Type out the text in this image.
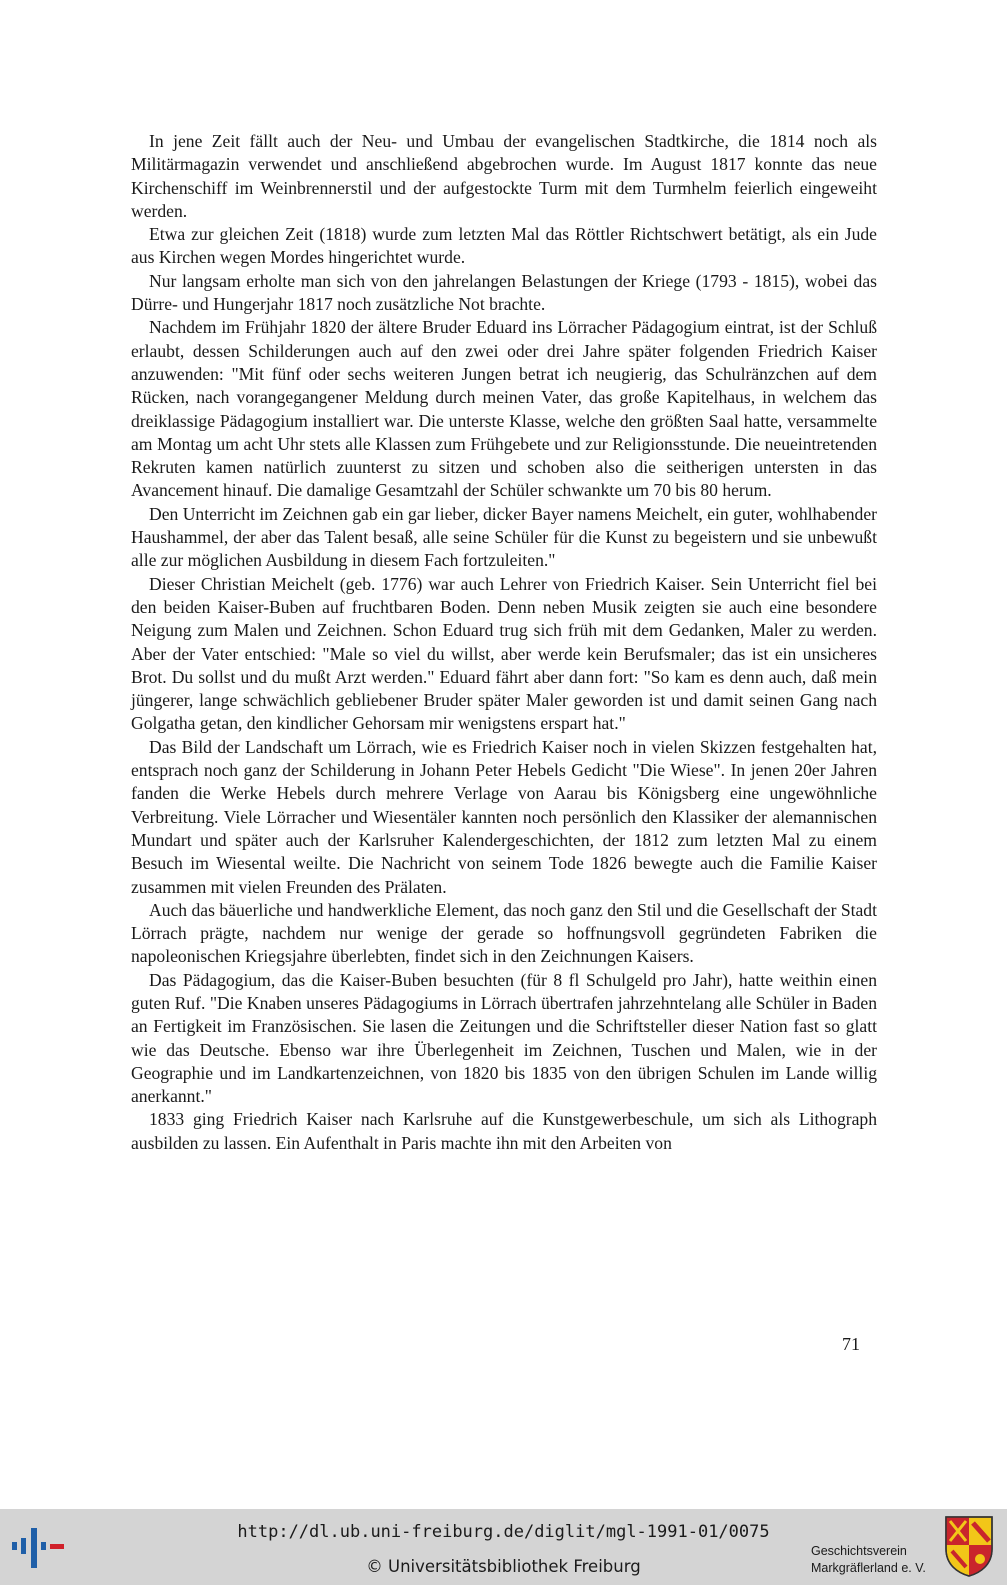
In jene Zeit fällt auch der Neu- und Umbau der evangelischen Stadtkirche, die 1814 noch als Militärmagazin verwendet und anschließend abgebrochen wurde. Im August 1817 konnte das neue Kirchenschiff im Weinbrennerstil und der aufgestockte Turm mit dem Turmhelm feierlich eingeweiht werden.

Etwa zur gleichen Zeit (1818) wurde zum letzten Mal das Röttler Richtschwert betätigt, als ein Jude aus Kirchen wegen Mordes hingerichtet wurde.

Nur langsam erholte man sich von den jahrelangen Belastungen der Kriege (1793 - 1815), wobei das Dürre- und Hungerjahr 1817 noch zusätzliche Not brachte.

Nachdem im Frühjahr 1820 der ältere Bruder Eduard ins Lörracher Pädagogium eintrat, ist der Schluß erlaubt, dessen Schilderungen auch auf den zwei oder drei Jahre später folgenden Friedrich Kaiser anzuwenden: "Mit fünf oder sechs weiteren Jungen betrat ich neugierig, das Schulränzchen auf dem Rücken, nach vorangegangener Meldung durch meinen Vater, das große Kapitelhaus, in welchem das dreiklassige Pädagogium installiert war. Die unterste Klasse, welche den größten Saal hatte, versammelte am Montag um acht Uhr stets alle Klassen zum Frühgebete und zur Religionsstunde. Die neueintretenden Rekruten kamen natürlich zuunterst zu sitzen und schoben also die seitherigen untersten in das Avancement hinauf. Die damalige Gesamtzahl der Schüler schwankte um 70 bis 80 herum.

Den Unterricht im Zeichnen gab ein gar lieber, dicker Bayer namens Meichelt, ein guter, wohlhabender Haushammel, der aber das Talent besaß, alle seine Schüler für die Kunst zu begeistern und sie unbewußt alle zur möglichen Ausbildung in diesem Fach fortzuleiten."

Dieser Christian Meichelt (geb. 1776) war auch Lehrer von Friedrich Kaiser. Sein Unterricht fiel bei den beiden Kaiser-Buben auf fruchtbaren Boden. Denn neben Musik zeigten sie auch eine besondere Neigung zum Malen und Zeichnen. Schon Eduard trug sich früh mit dem Gedanken, Maler zu werden. Aber der Vater entschied: "Male so viel du willst, aber werde kein Berufsmaler; das ist ein unsicheres Brot. Du sollst und du mußt Arzt werden." Eduard fährt aber dann fort: "So kam es denn auch, daß mein jüngerer, lange schwächlich gebliebener Bruder später Maler geworden ist und damit seinen Gang nach Golgatha getan, den kindlicher Gehorsam mir wenigstens erspart hat."

Das Bild der Landschaft um Lörrach, wie es Friedrich Kaiser noch in vielen Skizzen festgehalten hat, entsprach noch ganz der Schilderung in Johann Peter Hebels Gedicht "Die Wiese". In jenen 20er Jahren fanden die Werke Hebels durch mehrere Verlage von Aarau bis Königsberg eine ungewöhnliche Verbreitung. Viele Lörracher und Wiesentäler kannten noch persönlich den Klassiker der alemannischen Mundart und später auch der Karlsruher Kalendergeschichten, der 1812 zum letzten Mal zu einem Besuch im Wiesental weilte. Die Nachricht von seinem Tode 1826 bewegte auch die Familie Kaiser zusammen mit vielen Freunden des Prälaten.

Auch das bäuerliche und handwerkliche Element, das noch ganz den Stil und die Gesellschaft der Stadt Lörrach prägte, nachdem nur wenige der gerade so hoffnungsvoll gegründeten Fabriken die napoleonischen Kriegsjahre überlebten, findet sich in den Zeichnungen Kaisers.

Das Pädagogium, das die Kaiser-Buben besuchten (für 8 fl Schulgeld pro Jahr), hatte weithin einen guten Ruf. "Die Knaben unseres Pädagogiums in Lörrach übertrafen jahrzehntelang alle Schüler in Baden an Fertigkeit im Französischen. Sie lasen die Zeitungen und die Schriftsteller dieser Nation fast so glatt wie das Deutsche. Ebenso war ihre Überlegenheit im Zeichnen, Tuschen und Malen, wie in der Geographie und im Landkartenzeichnen, von 1820 bis 1835 von den übrigen Schulen im Lande willig anerkannt."

1833 ging Friedrich Kaiser nach Karlsruhe auf die Kunstgewerbeschule, um sich als Lithograph ausbilden zu lassen. Ein Aufenthalt in Paris machte ihn mit den Arbeiten von

71
http://dl.ub.uni-freiburg.de/diglit/mgl-1991-01/0075
© Universitätsbibliothek Freiburg
Geschichtsverein
Markgräflerland e. V.
